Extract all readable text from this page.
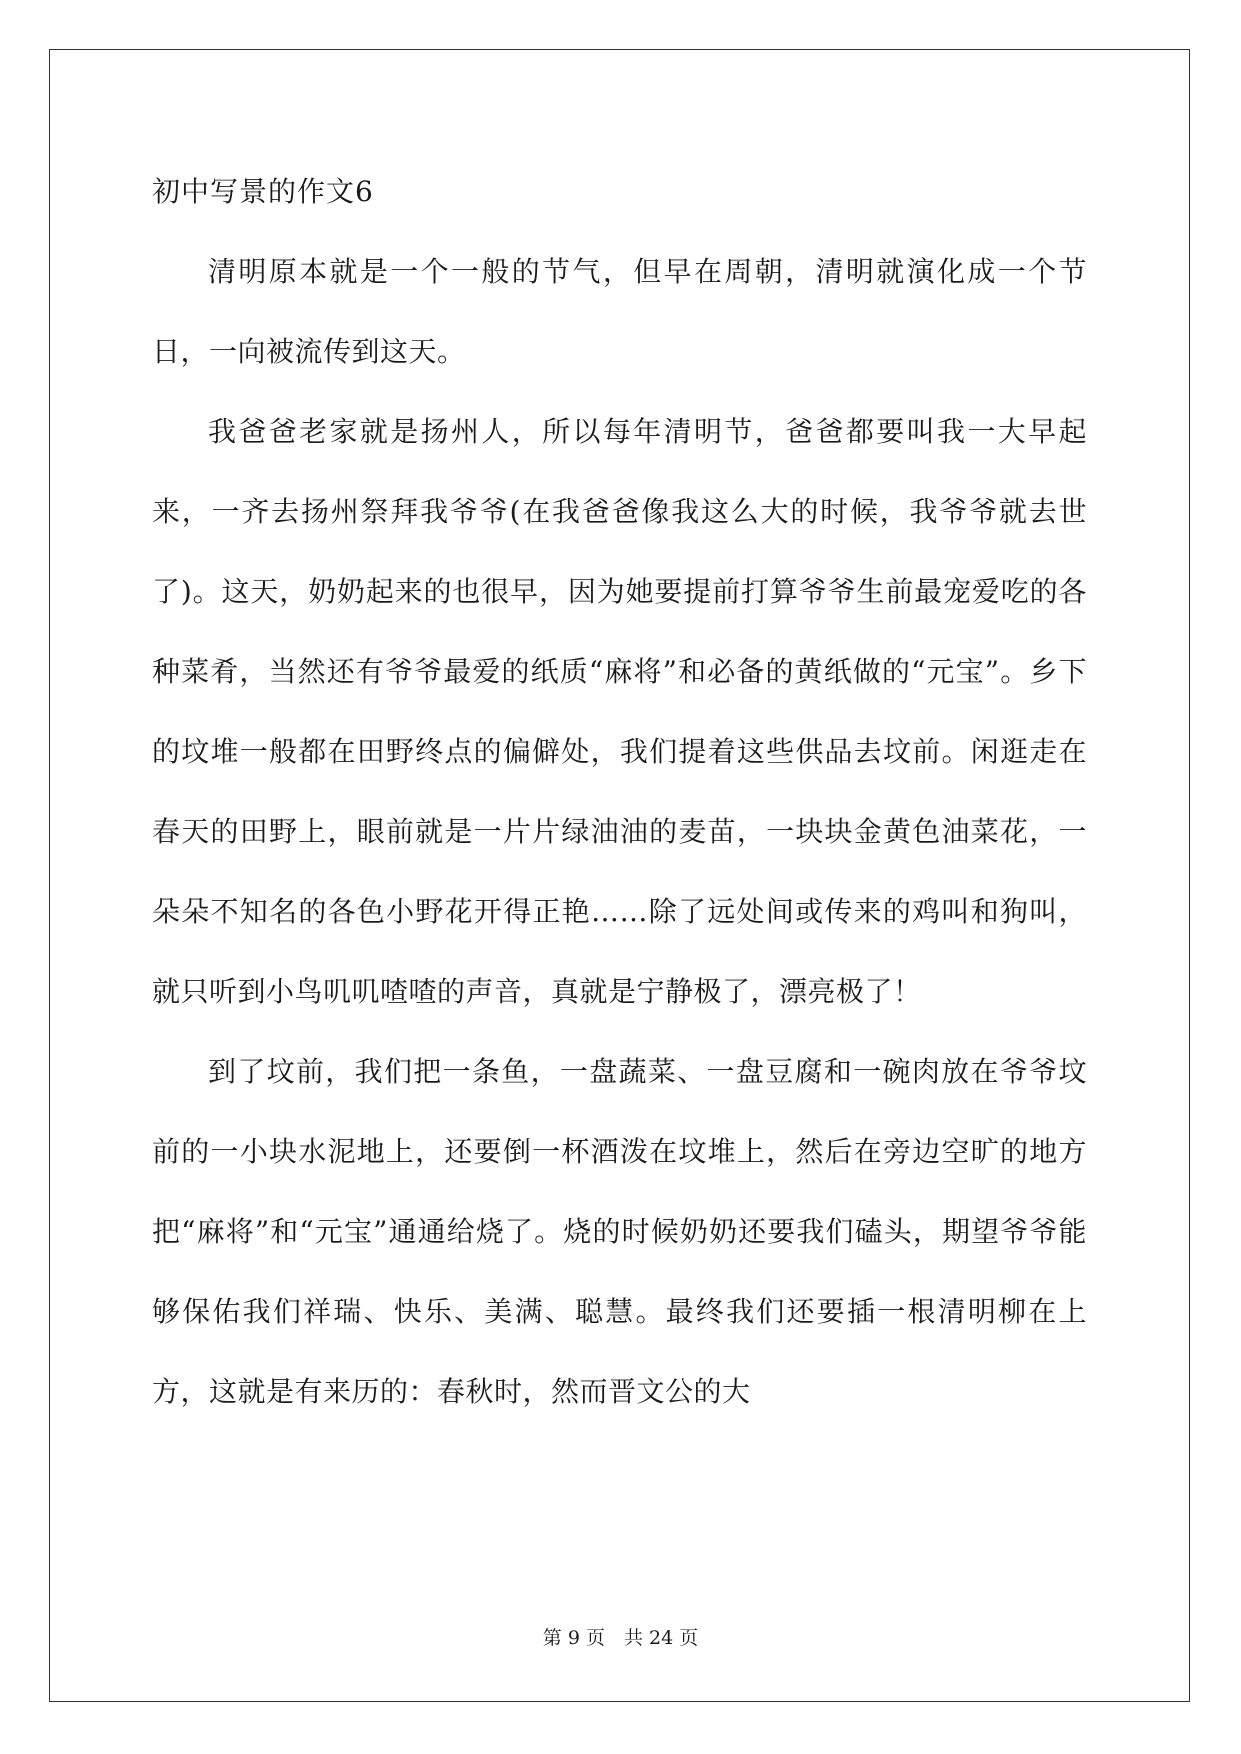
初中写景的作文6

清明原本就是一个一般的节气，但早在周朝，清明就演化成一个节日，一向被流传到这天。

我爸爸老家就是扬州人，所以每年清明节，爸爸都要叫我一大早起来，一齐去扬州祭拜我爷爷(在我爸爸像我这么大的时候，我爷爷就去世了)。这天，奶奶起来的也很早，因为她要提前打算爷爷生前最宠爱吃的各种菜肴，当然还有爷爷最爱的纸质“麻将”和必备的黄纸做的“元宝”。乡下的坟堆一般都在田野终点的偏僻处，我们提着这些供品去坟前。闲逛走在春天的田野上，眼前就是一片片绿油油的麦苗，一块块金黄色油菜花，一朵朵不知名的各色小野花开得正艳……除了远处间或传来的鸡叫和狗叫，就只听到小鸟叽叽喳喳的声音，真就是宁静极了，漂亮极了！

到了坟前，我们把一条鱼，一盘蔬菜、一盘豆腐和一碗肉放在爷爷坟前的一小块水泥地上，还要倒一杯酒泼在坟堆上，然后在旁边空旷的地方把“麻将”和“元宝”通通给烧了。烧的时候奶奶还要我们磕头，期望爷爷能够保佑我们祥瑞、快乐、美满、聪慧。最终我们还要插一根清明柳在上方，这就是有来历的：春秋时，然而晋文公的大

第 9 页　共 24 页
